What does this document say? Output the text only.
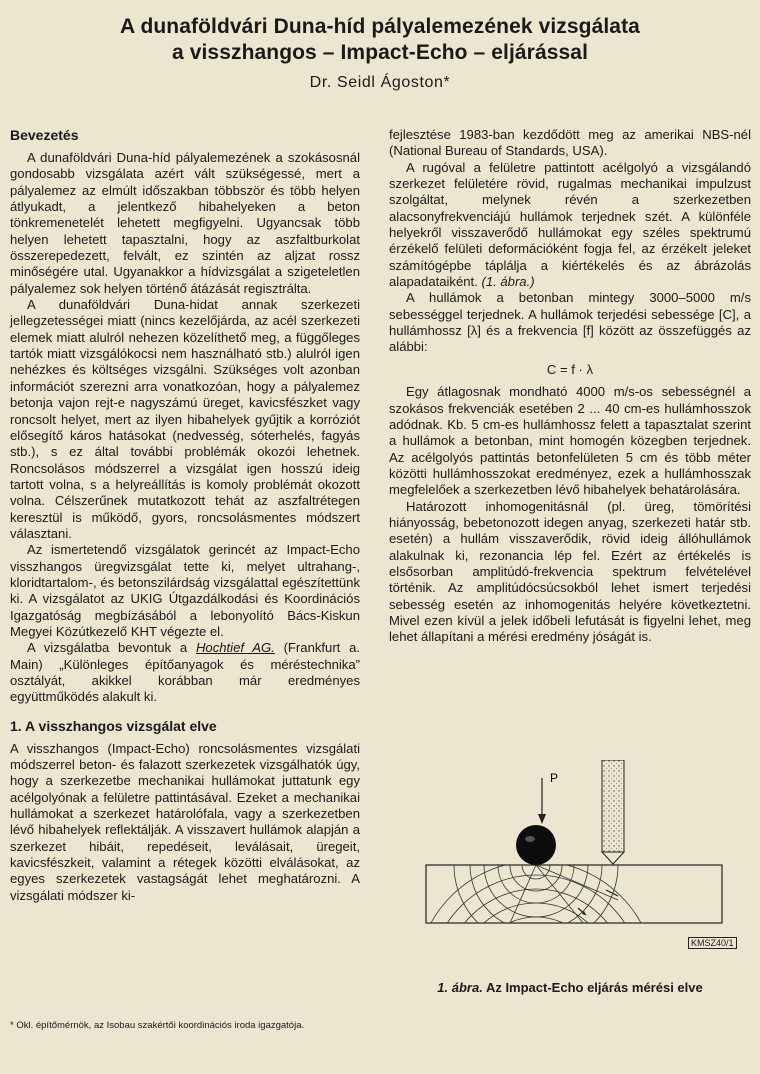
A dunaföldvári Duna-híd pályalemezének vizsgálata
a visszhangos – Impact-Echo – eljárással
Dr. Seidl Ágoston*
Bevezetés

A dunaföldvári Duna-híd pályalemezének a szokásosnál gondosabb vizsgálata azért vált szükségessé, mert a pályalemez az elmúlt időszakban többször és több helyen átlyukadt, a jelentkező hibahelyeken a beton tönkremenetelét lehetett megfigyelni. Ugyancsak több helyen lehetett tapasztalni, hogy az aszfaltburkolat összerepedezett, felvált, ez szintén az aljzat rossz minőségére utal. Ugyanakkor a hídvizsgálat a szigeteletlen pályalemez sok helyen történő átázását regisztrálta.

A dunaföldvári Duna-hidat annak szerkezeti jellegzetességei miatt (nincs kezelőjárda, az acél szerkezeti elemek miatt alulról nehezen közelíthető meg, a függőleges tartók miatt vizsgálókocsi nem használható stb.) alulról igen nehézkes és költséges vizsgálni. Szükséges volt azonban információt szerezni arra vonatkozóan, hogy a pályalemez betonja vajon rejt-e nagyszámú üreget, kavicsfészket vagy roncsolt helyet, mert az ilyen hibahelyek gyűjtik a korróziót elősegítő káros hatásokat (nedvesség, sóterhelés, fagyás stb.), s ez által további problémák okozói lehetnek. Roncsolásos módszerrel a vizsgálat igen hosszú ideig tartott volna, s a helyreállítás is komoly problémát okozott volna. Célszerűnek mutatkozott tehát az aszfaltrétegen keresztül is működő, gyors, roncsolásmentes módszert választani.

Az ismertetendő vizsgálatok gerincét az Impact-Echo visszhangos üregvizsgálat tette ki, melyet ultrahang-, kloridtartalom-, és betonszilárdság vizsgálattal egészítettünk ki. A vizsgálatot az UKIG Útgazdálkodási és Koordinációs Igazgatóság megbízásából a lebonyolító Bács-Kiskun Megyei Közútkezelő KHT végezte el.

A vizsgálatba bevontuk a Hochtief AG. (Frankfurt a. Main) „Különleges építőanyagok és méréstechnika” osztályát, akikkel korábban már eredményes együttműködés alakult ki.

1. A visszhangos vizsgálat elve

A visszhangos (Impact-Echo) roncsolásmentes vizsgálati módszerrel beton- és falazott szerkezetek vizsgálhatók úgy, hogy a szerkezetbe mechanikai hullámokat juttatunk egy acélgolyónak a felületre pattintásával. Ezeket a mechanikai hullámokat a szerkezet határolófala, vagy a szerkezetben lévő hibahelyek reflektálják. A visszavert hullámok alapján a szerkezet hibáit, repedéseit, leválásait, üregeit, kavicsfészkeit, valamint a rétegek közötti elválásokat, az egyes szerkezetek vastagságát lehet meghatározni. A vizsgálati módszer ki-

fejlesztése 1983-ban kezdődött meg az amerikai NBS-nél (National Bureau of Standards, USA).

A rugóval a felületre pattintott acélgolyó a vizsgálandó szerkezet felületére rövid, rugalmas mechanikai impulzust szolgáltat, melynek révén a szerkezetben alacsonyfrekvenciájú hullámok terjednek szét. A különféle helyekről visszaverődő hullámokat egy széles spektrumú érzékelő felületi deformációként fogja fel, az érzékelt jeleket számítógépbe táplálja a kiértékelés és az ábrázolás alapadataiként. (1. ábra.)

A hullámok a betonban mintegy 3000–5000 m/s sebességgel terjednek. A hullámok terjedési sebessége [C], a hullámhossz [λ] és a frekvencia [f] között az összefüggés az alábbi:

C = f · λ

Egy átlagosnak mondható 4000 m/s-os sebességnél a szokásos frekvenciák esetében 2 ... 40 cm-es hullámhosszok adódnak. Kb. 5 cm-es hullámhossz felett a tapasztalat szerint a hullámok a betonban, mint homogén közegben terjednek. Az acélgolyós pattintás betonfelületen 5 cm és több méter közötti hullámhosszokat eredményez, ezek a hullámhosszak megfelelőek a szerkezetben lévő hibahelyek behatárolására.

Határozott inhomogenitásnál (pl. üreg, tömörítési hiányosság, bebetonozott idegen anyag, szerkezeti határ stb. esetén) a hullám visszaverődik, rövid ideig állóhullámok alakulnak ki, rezonancia lép fel. Ezért az értékelés is elsősorban amplitúdó-frekvencia spektrum felvételével történik. Az amplitúdócsúcsokból lehet ismert terjedési sebesség esetén az inhomogenitás helyére következtetni. Mivel ezen kívül a jelek időbeli lefutását is figyelni lehet, meg lehet állapítani a mérési eredmény jóságát is.

P
KMSZ40/1
1. ábra. Az Impact-Echo eljárás mérési elve
* Okl. építőmérnök, az Isobau szakértői koordinációs iroda igazgatója.
